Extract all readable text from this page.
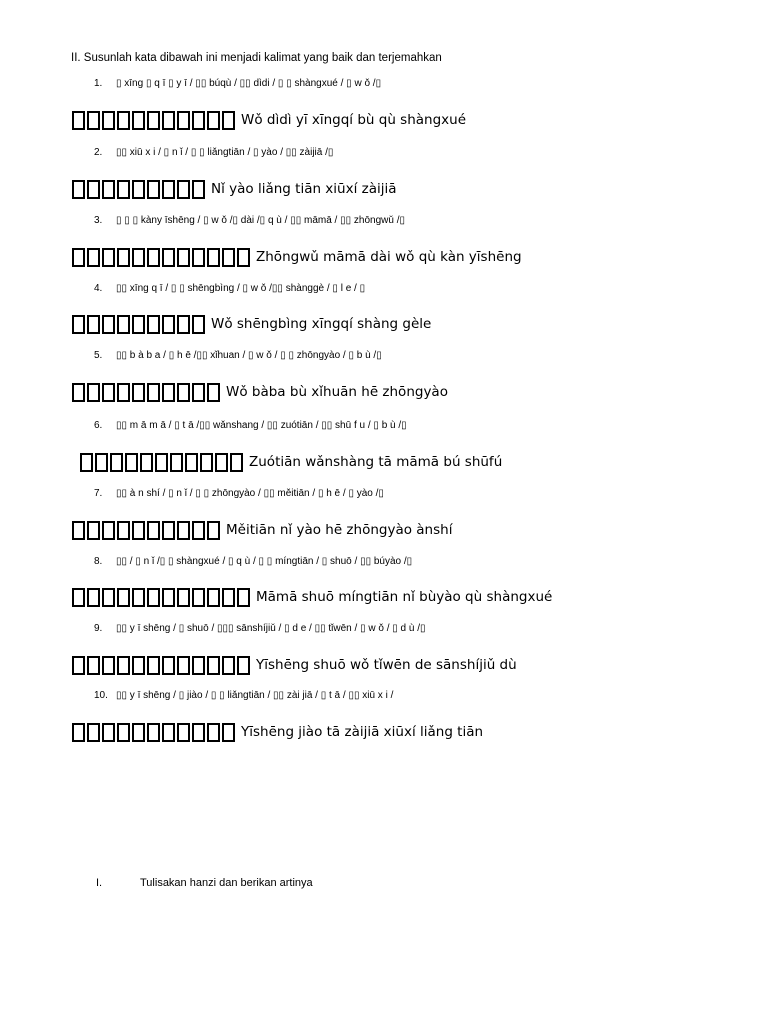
II. Susunlah kata dibawah ini menjadi kalimat yang baik dan terjemahkan
1. ▯ xīng ▯ q ī ▯ y ī / ▯▯ búqù / ▯▯ dìdi / ▯ ▯ shàngxué / ▯ w ǒ /▯
Wǒ dìdì yī xīngqí bù qù shàngxué
2. ▯▯ xiū x i / ▯ n ǐ / ▯ ▯ liǎngtiān / ▯ yào / ▯▯ zàijiā /▯
Nǐ yào liǎng tiān xiūxí zàijiā
3. ▯ ▯ ▯ kàny īshēng / ▯ w ǒ /▯ dài /▯ q ù / ▯▯ māmā / ▯▯ zhōngwǔ /▯
Zhōngwǔ māmā dài wǒ qù kàn yīshēng
4. ▯▯ xīng q ī / ▯ ▯ shēngbìng / ▯ w ǒ /▯▯ shànggè / ▯ l e / ▯
Wǒ shēngbìng xīngqí shàng gèle
5. ▯▯ b à b a / ▯ h ē /▯▯ xǐhuan / ▯ w ǒ / ▯ ▯ zhōngyào / ▯ b ù /▯
Wǒ bàba bù xǐhuān hē zhōngyào
6. ▯▯ m ā m ā / ▯ t ā /▯▯ wǎnshang / ▯▯ zuótiān / ▯▯ shū f u / ▯ b ù /▯
Zuótiān wǎnshàng tā māmā bú shūfú
7. ▯▯ à n shí / ▯ n ǐ / ▯ ▯ zhōngyào / ▯▯ měitiān / ▯ h ē / ▯ yào /▯
Měitiān nǐ yào hē zhōngyào ànshí
8. ▯▯ / ▯ n ǐ /▯ ▯ shàngxué / ▯ q ù / ▯ ▯ míngtiān / ▯ shuō / ▯▯ búyào /▯
Māmā shuō míngtiān nǐ bùyào qù shàngxué
9. ▯▯ y ī shēng / ▯ shuō / ▯▯▯ sānshíjiǔ / ▯ d e / ▯▯ tǐwēn / ▯ w ǒ / ▯ d ù /▯
Yīshēng shuō wǒ tǐwēn de sānshíjiǔ dù
10. ▯▯ y ī shēng / ▯ jiào / ▯ ▯ liǎngtiān / ▯▯ zài jiā / ▯ t ā / ▯▯ xiū x i /
Yīshēng jiào tā zàijiā xiūxí liǎng tiān
I.	Tulisakan hanzi dan berikan artinya
